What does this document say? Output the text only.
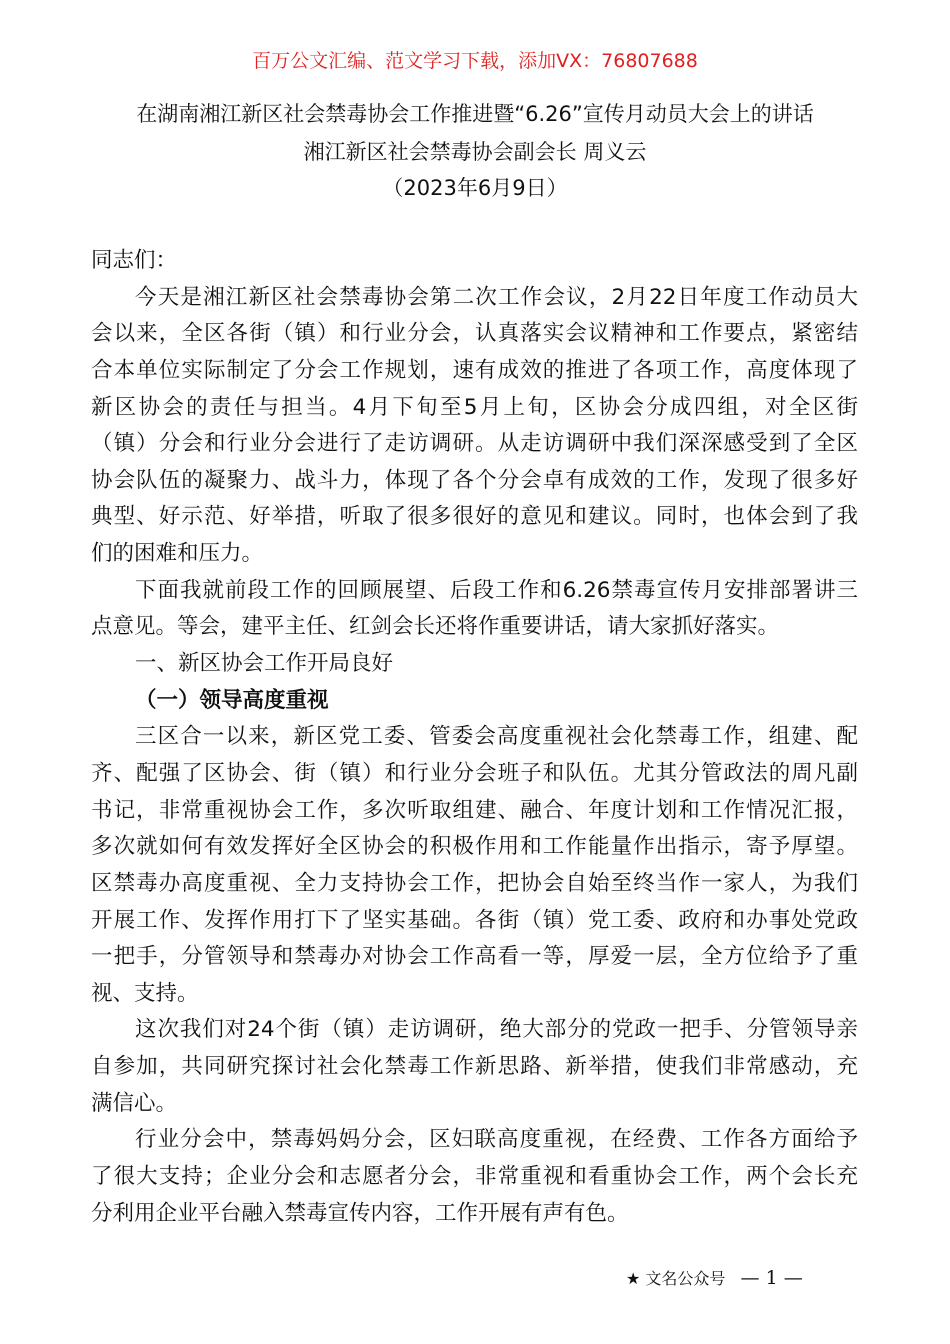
百万公文汇编、范文学习下载，添加VX：76807688
在湖南湘江新区社会禁毒协会工作推进暨“6.26”宣传月动员大会上的讲话
湘江新区社会禁毒协会副会长 周义云
（2023年6月9日）
同志们：
今天是湘江新区社会禁毒协会第二次工作会议，2月22日年度工作动员大
会以来，全区各街（镇）和行业分会，认真落实会议精神和工作要点，紧密结
合本单位实际制定了分会工作规划，速有成效的推进了各项工作，高度体现了
新区协会的责任与担当。4月下旬至5月上旬，区协会分成四组，对全区街
（镇）分会和行业分会进行了走访调研。从走访调研中我们深深感受到了全区
协会队伍的凝聚力、战斗力，体现了各个分会卓有成效的工作，发现了很多好
典型、好示范、好举措，听取了很多很好的意见和建议。同时，也体会到了我
们的困难和压力。
下面我就前段工作的回顾展望、后段工作和6.26禁毒宣传月安排部署讲三
点意见。等会，建平主任、红剑会长还将作重要讲话，请大家抓好落实。
一、新区协会工作开局良好
（一）领导高度重视
三区合一以来，新区党工委、管委会高度重视社会化禁毒工作，组建、配
齐、配强了区协会、街（镇）和行业分会班子和队伍。尤其分管政法的周凡副
书记，非常重视协会工作，多次听取组建、融合、年度计划和工作情况汇报，
多次就如何有效发挥好全区协会的积极作用和工作能量作出指示，寄予厚望。
区禁毒办高度重视、全力支持协会工作，把协会自始至终当作一家人，为我们
开展工作、发挥作用打下了坚实基础。各街（镇）党工委、政府和办事处党政
一把手，分管领导和禁毒办对协会工作高看一等，厚爱一层，全方位给予了重
视、支持。
这次我们对24个街（镇）走访调研，绝大部分的党政一把手、分管领导亲
自参加，共同研究探讨社会化禁毒工作新思路、新举措，使我们非常感动，充
满信心。
行业分会中，禁毒妈妈分会，区妇联高度重视，在经费、工作各方面给予
了很大支持；企业分会和志愿者分会，非常重视和看重协会工作，两个会长充
分利用企业平台融入禁毒宣传内容，工作开展有声有色。
★ 文名公众号 — 1 —
